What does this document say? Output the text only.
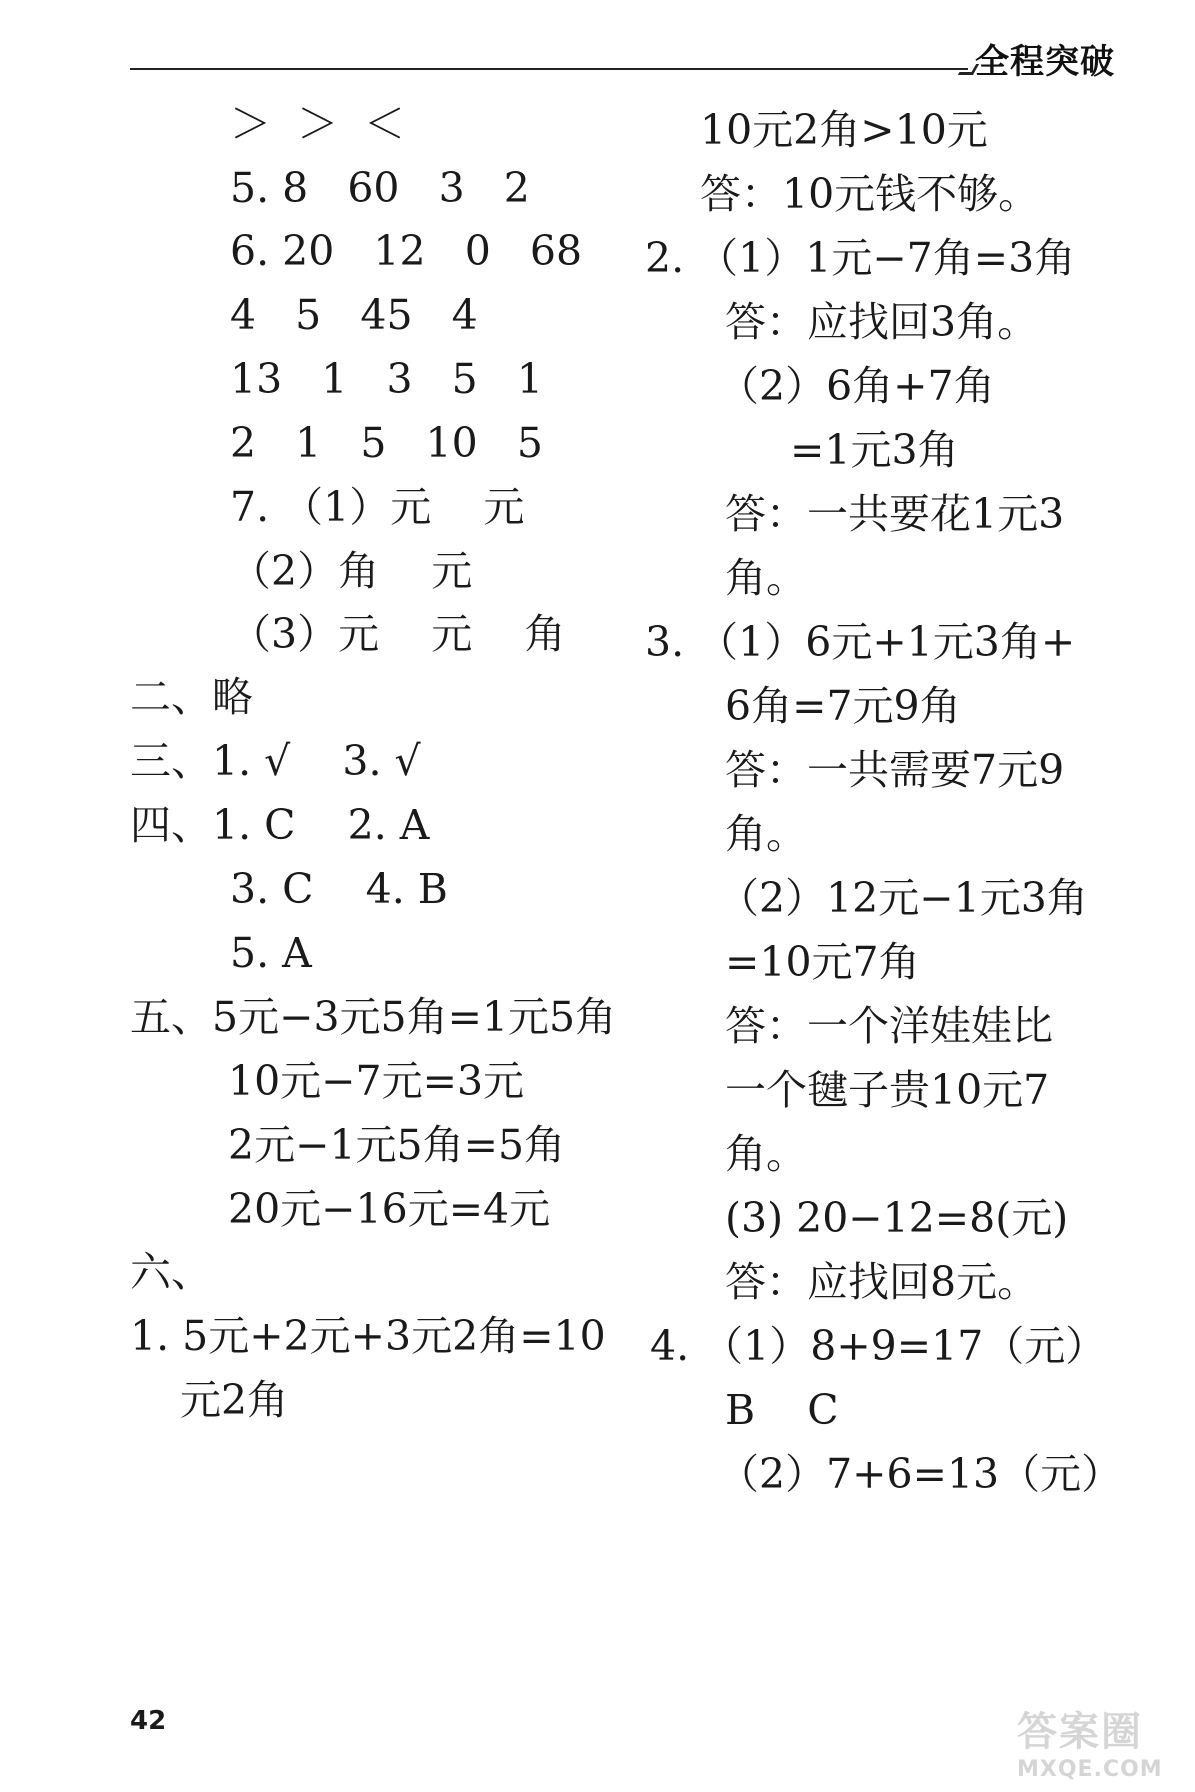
全程突破
＞  ＞  ＜
5. 8   60   3   2
6. 20   12   0   68
4   5   45   4
13   1   3   5   1
2   1   5   10   5
7. （1）元    元
（2）角    元
（3）元    元    角
二、略
三、1. √    3. √
四、1. C    2. A
3. C    4. B
5. A
五、5元−3元5角=1元5角
10元−7元=3元
2元−1元5角=5角
20元−16元=4元
六、
1. 5元+2元+3元2角=10
元2角
10元2角>10元
答：10元钱不够。
2. （1）1元−7角=3角
答：应找回3角。
（2）6角+7角
=1元3角
答：一共要花1元3
角。
3. （1）6元+1元3角+
6角=7元9角
答：一共需要7元9
角。
（2）12元−1元3角
=10元7角
答：一个洋娃娃比
一个毽子贵10元7
角。
(3) 20−12=8(元)
答：应找回8元。
4. （1）8+9=17（元）
B    C
（2）7+6=13（元）
42	答案圈
MXQE.COM
